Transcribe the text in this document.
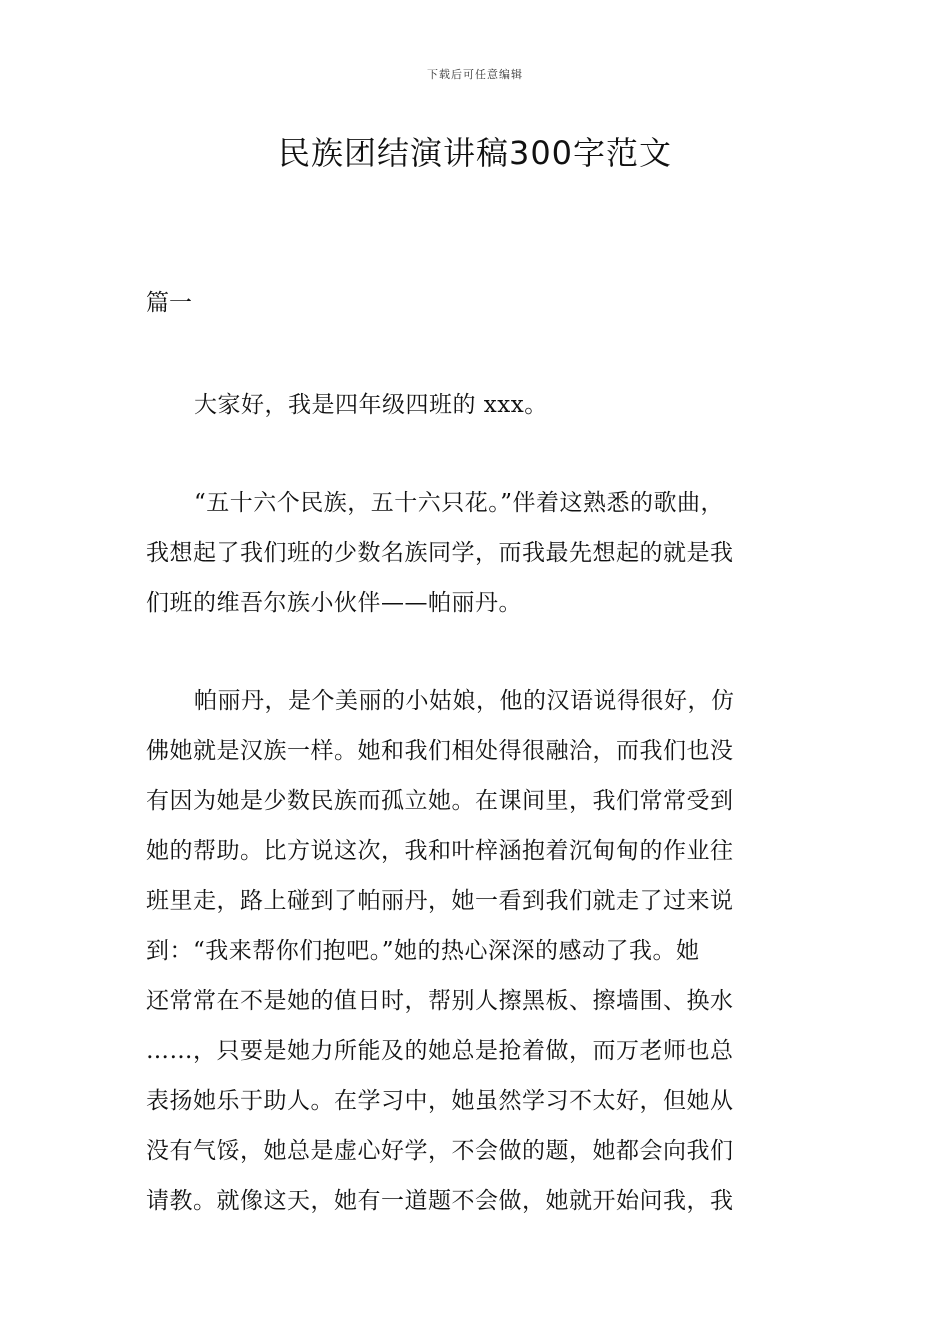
下载后可任意编辑
民族团结演讲稿300字范文
篇一
大家好，我是四年级四班的 xxx。
“五十六个民族，五十六只花。”伴着这熟悉的歌曲，
我想起了我们班的少数名族同学，而我最先想起的就是我
们班的维吾尔族小伙伴——帕丽丹。
帕丽丹，是个美丽的小姑娘，他的汉语说得很好，仿
佛她就是汉族一样。她和我们相处得很融洽，而我们也没
有因为她是少数民族而孤立她。在课间里，我们常常受到
她的帮助。比方说这次，我和叶梓涵抱着沉甸甸的作业往
班里走，路上碰到了帕丽丹，她一看到我们就走了过来说
到：“我来帮你们抱吧。”她的热心深深的感动了我。她
还常常在不是她的值日时，帮别人擦黑板、擦墙围、换水
……，只要是她力所能及的她总是抢着做，而万老师也总
表扬她乐于助人。在学习中，她虽然学习不太好，但她从
没有气馁，她总是虚心好学，不会做的题，她都会向我们
请教。就像这天，她有一道题不会做，她就开始问我，我
